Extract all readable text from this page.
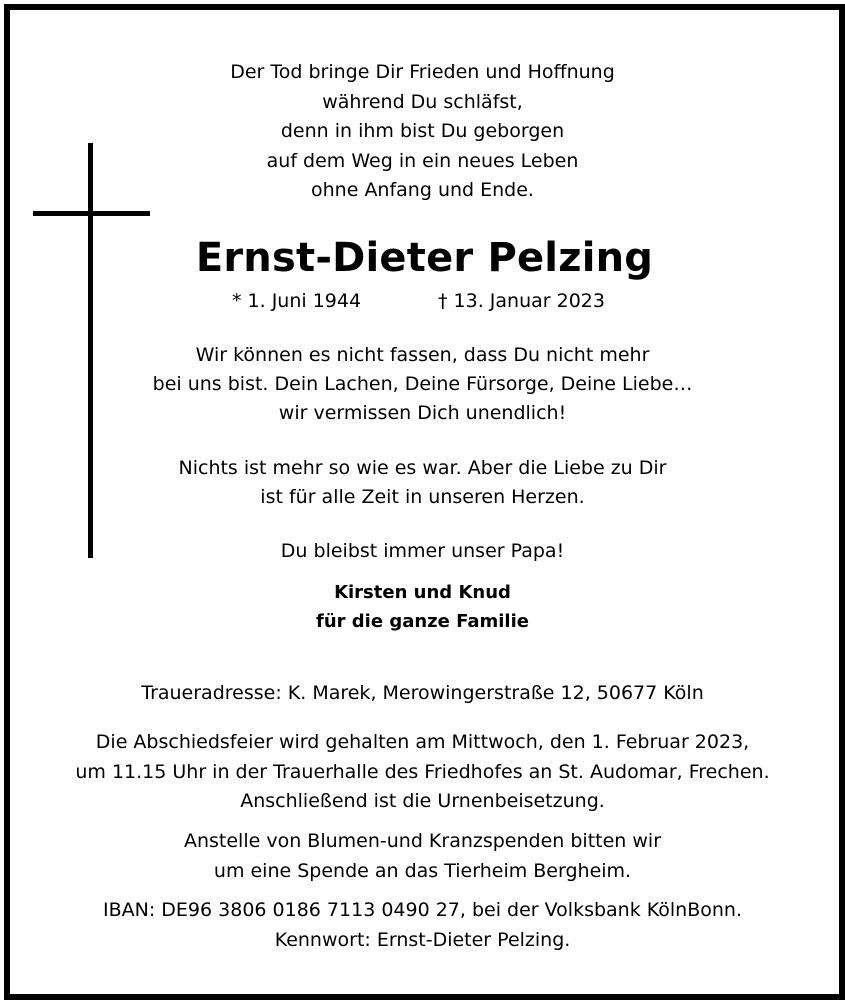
Der Tod bringe Dir Frieden und Hoffnung
während Du schläfst,
denn in ihm bist Du geborgen
auf dem Weg in ein neues Leben
ohne Anfang und Ende.
Ernst-Dieter Pelzing
* 1. Juni 1944	† 13. Januar 2023
Wir können es nicht fassen, dass Du nicht mehr
bei uns bist. Dein Lachen, Deine Fürsorge, Deine Liebe…
wir vermissen Dich unendlich!
Nichts ist mehr so wie es war. Aber die Liebe zu Dir
ist für alle Zeit in unseren Herzen.
Du bleibst immer unser Papa!
Kirsten und Knud
für die ganze Familie
Traueradresse: K. Marek, Merowingerstraße 12, 50677 Köln
Die Abschiedsfeier wird gehalten am Mittwoch, den 1. Februar 2023,
um 11.15 Uhr in der Trauerhalle des Friedhofes an St. Audomar, Frechen.
Anschließend ist die Urnenbeisetzung.
Anstelle von Blumen-und Kranzspenden bitten wir
um eine Spende an das Tierheim Bergheim.
IBAN: DE96 3806 0186 7113 0490 27, bei der Volksbank KölnBonn.
Kennwort: Ernst-Dieter Pelzing.
